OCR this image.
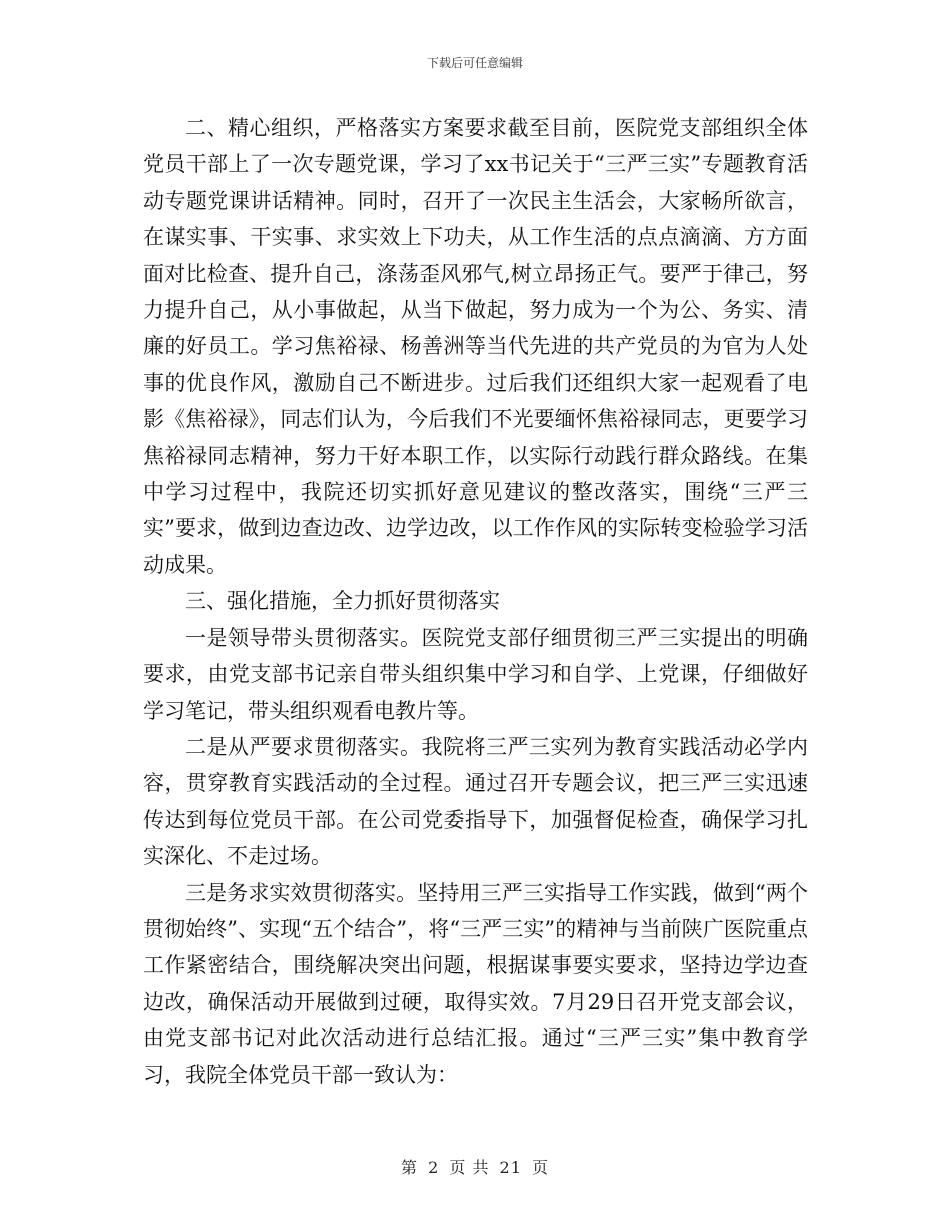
下载后可任意编辑

二、精心组织，严格落实方案要求截至目前，医院党支部组织全体党员干部上了一次专题党课，学习了xx书记关于“三严三实”专题教育活动专题党课讲话精神。同时，召开了一次民主生活会，大家畅所欲言，在谋实事、干实事、求实效上下功夫，从工作生活的点点滴滴、方方面面对比检查、提升自己，涤荡歪风邪气,树立昂扬正气。要严于律己，努力提升自己，从小事做起，从当下做起，努力成为一个为公、务实、清廉的好员工。学习焦裕禄、杨善洲等当代先进的共产党员的为官为人处事的优良作风，激励自己不断进步。过后我们还组织大家一起观看了电影《焦裕禄》，同志们认为，今后我们不光要缅怀焦裕禄同志，更要学习焦裕禄同志精神，努力干好本职工作，以实际行动践行群众路线。在集中学习过程中，我院还切实抓好意见建议的整改落实，围绕“三严三实”要求，做到边查边改、边学边改，以工作作风的实际转变检验学习活动成果。

三、强化措施，全力抓好贯彻落实

一是领导带头贯彻落实。医院党支部仔细贯彻三严三实提出的明确要求，由党支部书记亲自带头组织集中学习和自学、上党课，仔细做好学习笔记，带头组织观看电教片等。

二是从严要求贯彻落实。我院将三严三实列为教育实践活动必学内容，贯穿教育实践活动的全过程。通过召开专题会议，把三严三实迅速传达到每位党员干部。在公司党委指导下，加强督促检查，确保学习扎实深化、不走过场。

三是务求实效贯彻落实。坚持用三严三实指导工作实践，做到“两个贯彻始终”、实现“五个结合”，将“三严三实”的精神与当前陕广医院重点工作紧密结合，围绕解决突出问题，根据谋事要实要求，坚持边学边查边改，确保活动开展做到过硬，取得实效。7月29日召开党支部会议，由党支部书记对此次活动进行总结汇报。通过“三严三实”集中教育学习，我院全体党员干部一致认为：

第 2 页 共 21 页
